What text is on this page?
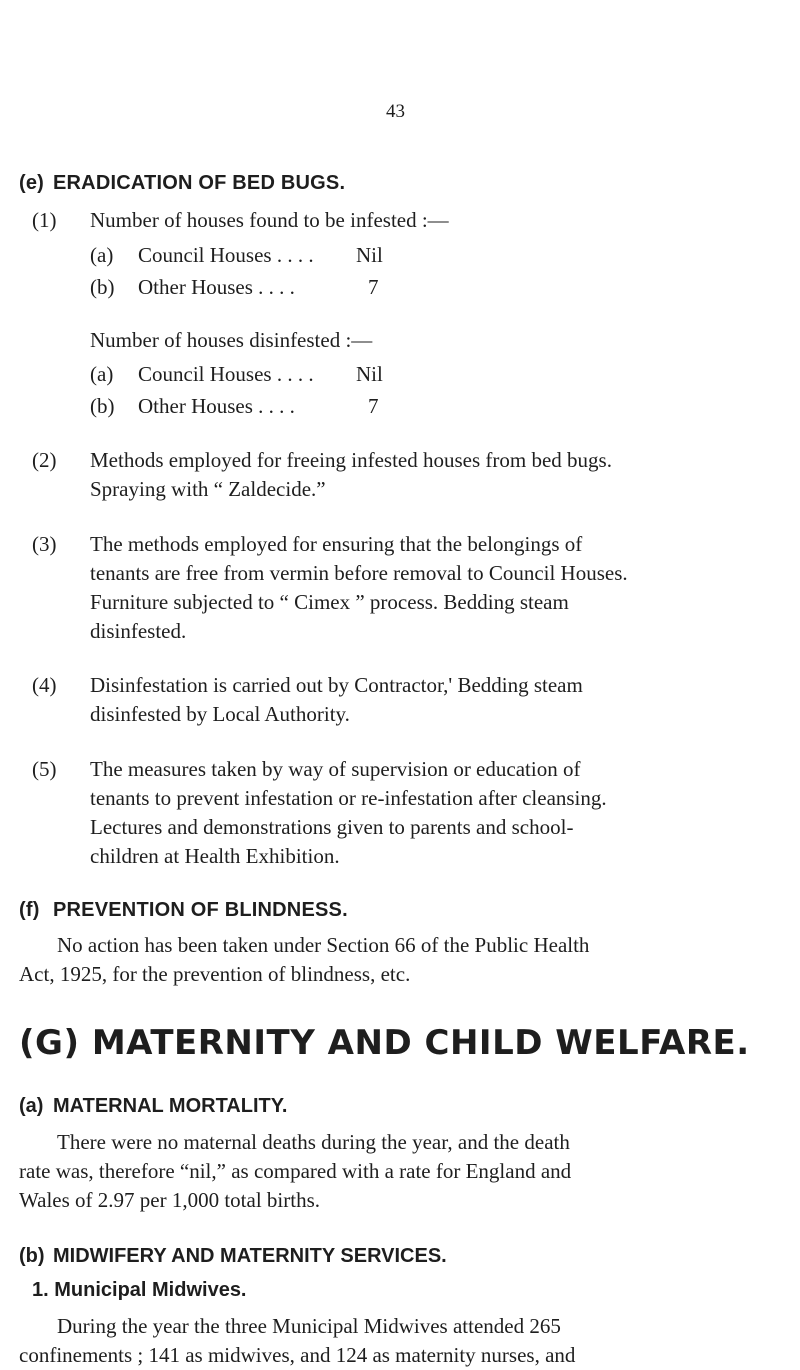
43
(e) ERADICATION OF BED BUGS.
(1) Number of houses found to be infested :—
(a) Council Houses . . . . Nil
(b) Other Houses . . . .	7
Number of houses disinfested :—
(a) Council Houses . . . . Nil
(b) Other Houses . . . .	7
(2) Methods employed for freeing infested houses from bed bugs.
Spraying with “ Zaldecide.”
(3) The methods employed for ensuring that the belongings of
tenants are free from vermin before removal to Council Houses.
Furniture subjected to “ Cimex ” process. Bedding steam
disinfested.
(4) Disinfestation is carried out by Contractor,' Bedding steam
disinfested by Local Authority.
(5) The measures taken by way of supervision or education of
tenants to prevent infestation or re-infestation after cleansing.
Lectures and demonstrations given to parents and school-
children at Health Exhibition.
(f) PREVENTION OF BLINDNESS.
No action has been taken under Section 66 of the Public Health
Act, 1925, for the prevention of blindness, etc.
(G) MATERNITY AND CHILD WELFARE.
(a) MATERNAL MORTALITY.
There were no maternal deaths during the year, and the death
rate was, therefore “nil,” as compared with a rate for England and
Wales of 2.97 per 1,000 total births.
(b) MIDWIFERY AND MATERNITY SERVICES.
1. Municipal Midwives.
During the year the three Municipal Midwives attended 265
confinements ; 141 as midwives, and 124 as maternity nurses, and
